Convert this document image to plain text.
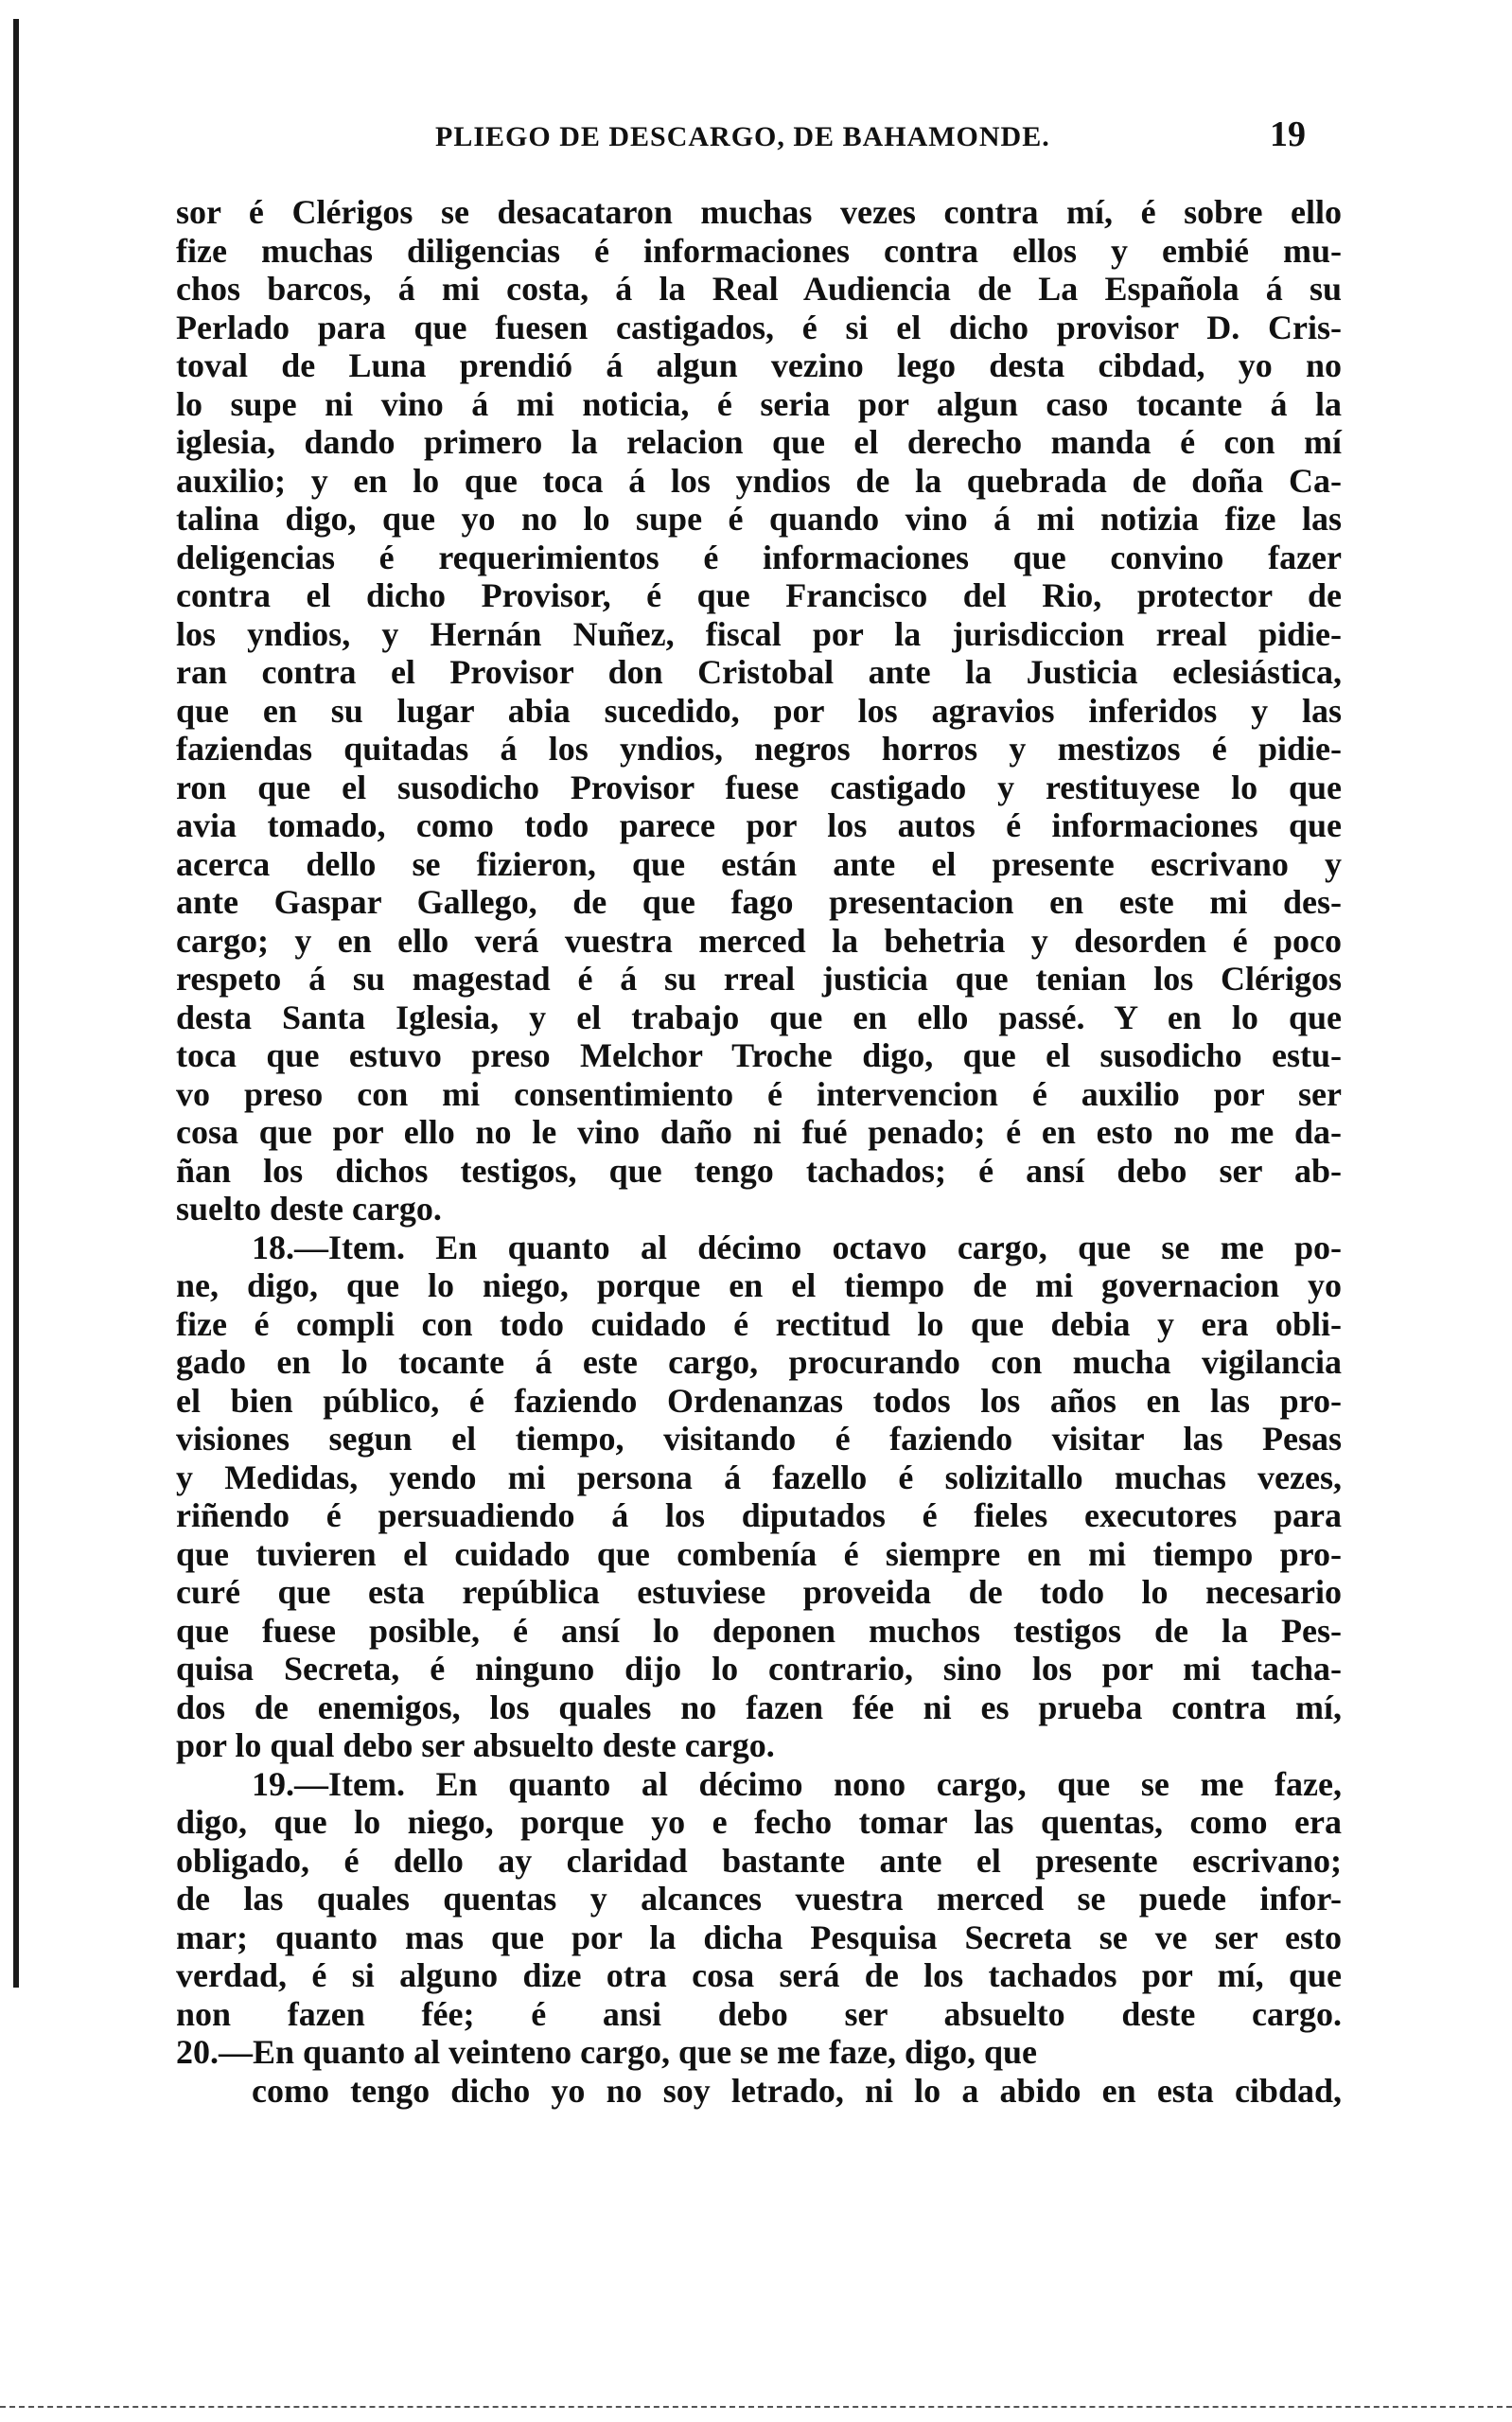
PLIEGO DE DESCARGO, DE BAHAMONDE.	19
sor é Clérigos se desacataron muchas vezes contra mí, é sobre ello
fize muchas diligencias é informaciones contra ellos y embié mu-
chos barcos, á mi costa, á la Real Audiencia de La Española á su
Perlado para que fuesen castigados, é si el dicho provisor D. Cris-
toval de Luna prendió á algun vezino lego desta cibdad, yo no
lo supe ni vino á mi noticia, é seria por algun caso tocante á la
iglesia, dando primero la relacion que el derecho manda é con mí
auxilio; y en lo que toca á los yndios de la quebrada de doña Ca-
talina digo, que yo no lo supe é quando vino á mi notizia fize las
deligencias é requerimientos é informaciones que convino fazer
contra el dicho Provisor, é que Francisco del Rio, protector de
los yndios, y Hernán Nuñez, fiscal por la jurisdiccion rreal pidie-
ran contra el Provisor don Cristobal ante la Justicia eclesiástica,
que en su lugar abia sucedido, por los agravios inferidos y las
faziendas quitadas á los yndios, negros horros y mestizos é pidie-
ron que el susodicho Provisor fuese castigado y restituyese lo que
avia tomado, como todo parece por los autos é informaciones que
acerca dello se fizieron, que están ante el presente escrivano y
ante Gaspar Gallego, de que fago presentacion en este mi des-
cargo; y en ello verá vuestra merced la behetria y desorden é poco
respeto á su magestad é á su rreal justicia que tenian los Clérigos
desta Santa Iglesia, y el trabajo que en ello passé. Y en lo que
toca que estuvo preso Melchor Troche digo, que el susodicho estu-
vo preso con mi consentimiento é intervencion é auxilio por ser
cosa que por ello no le vino daño ni fué penado; é en esto no me da-
ñan los dichos testigos, que tengo tachados; é ansí debo ser ab-
suelto deste cargo.
18.—Item. En quanto al décimo octavo cargo, que se me po-
ne, digo, que lo niego, porque en el tiempo de mi governacion yo
fize é compli con todo cuidado é rectitud lo que debia y era obli-
gado en lo tocante á este cargo, procurando con mucha vigilancia
el bien público, é faziendo Ordenanzas todos los años en las pro-
visiones segun el tiempo, visitando é faziendo visitar las Pesas
y Medidas, yendo mi persona á fazello é solizitallo muchas vezes,
riñendo é persuadiendo á los diputados é fieles executores para
que tuvieren el cuidado que combenía é siempre en mi tiempo pro-
curé que esta república estuviese proveida de todo lo necesario
que fuese posible, é ansí lo deponen muchos testigos de la Pes-
quisa Secreta, é ninguno dijo lo contrario, sino los por mi tacha-
dos de enemigos, los quales no fazen fée ni es prueba contra mí,
por lo qual debo ser absuelto deste cargo.
19.—Item. En quanto al décimo nono cargo, que se me faze,
digo, que lo niego, porque yo e fecho tomar las quentas, como era
obligado, é dello ay claridad bastante ante el presente escrivano;
de las quales quentas y alcances vuestra merced se puede infor-
mar; quanto mas que por la dicha Pesquisa Secreta se ve ser esto
verdad, é si alguno dize otra cosa será de los tachados por mí, que
non fazen fée; é ansi debo ser absuelto deste cargo.
20.—En quanto al veinteno cargo, que se me faze, digo, que
como tengo dicho yo no soy letrado, ni lo a abido en esta cibdad,
